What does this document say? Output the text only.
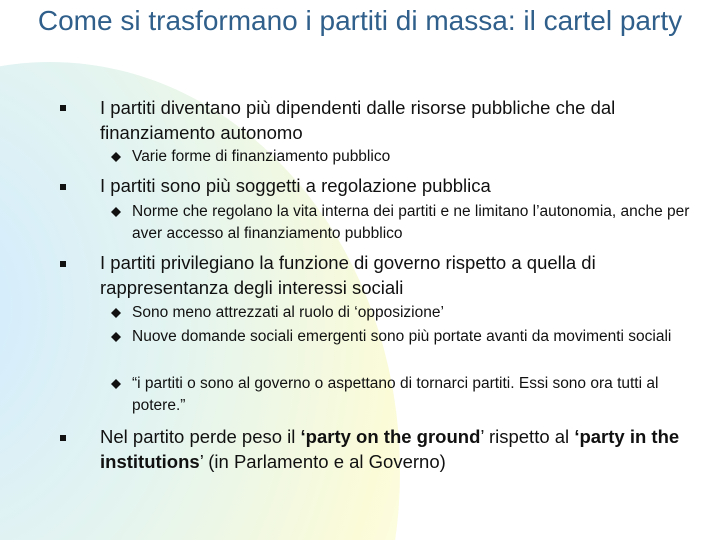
Come si trasformano i partiti di massa: il cartel party
I partiti diventano più dipendenti dalle risorse pubbliche che dal finanziamento autonomo
Varie forme di finanziamento pubblico
I partiti sono più soggetti a regolazione pubblica
Norme che regolano la vita interna dei partiti e ne limitano l’autonomia, anche per aver accesso al finanziamento pubblico
I partiti privilegiano la funzione di governo rispetto a quella di rappresentanza degli interessi sociali
Sono meno attrezzati al ruolo di ‘opposizione’
Nuove domande sociali emergenti sono più portate avanti da movimenti sociali
“i partiti o sono al governo o aspettano di tornarci partiti. Essi sono ora tutti al potere.”
Nel partito perde peso il ‘party on the ground’ rispetto al ‘party in the institutions’ (in Parlamento e al Governo)
